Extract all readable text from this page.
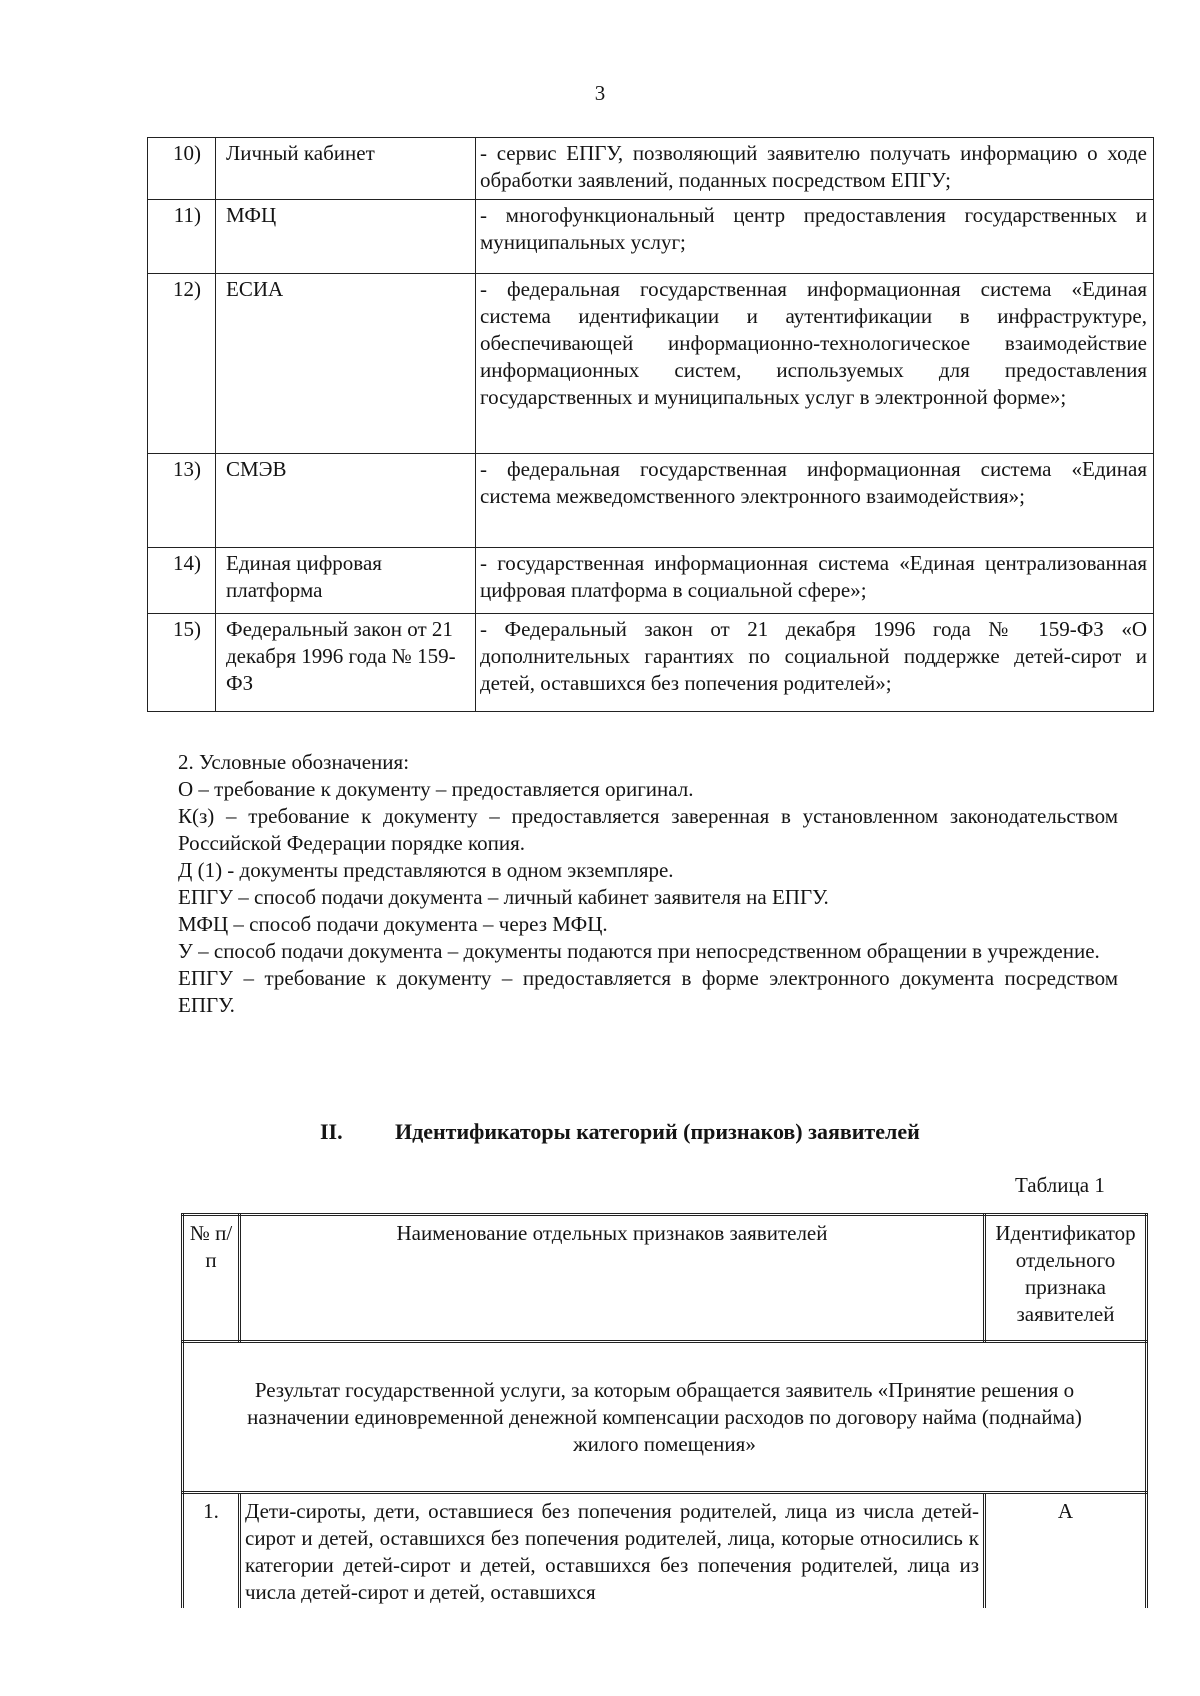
3
10)	Личный кабинет	- сервис ЕПГУ, позволяющий заявителю получать информацию о ходе обработки заявлений, поданных посредством ЕПГУ;
11)	МФЦ	- многофункциональный центр предоставления государственных и муниципальных услуг;
12)	ЕСИА	- федеральная государственная информационная система «Единая система идентификации и аутентификации в инфраструктуре, обеспечивающей информационно-технологическое взаимодействие информационных систем, используемых для предоставления государственных и муниципальных услуг в электронной форме»;
13)	СМЭВ	- федеральная государственная информационная система «Единая система межведомственного электронного взаимодействия»;
14)	Единая цифровая платформа	- государственная информационная система «Единая централизованная цифровая платформа в социальной сфере»;
15)	Федеральный закон от 21 декабря 1996 года № 159-ФЗ	- Федеральный закон от 21 декабря 1996 года № 159-ФЗ «О дополнительных гарантиях по социальной поддержке детей-сирот и детей, оставшихся без попечения родителей»;

2. Условные обозначения:

О – требование к документу – предоставляется оригинал.

К(з) – требование к документу – предоставляется заверенная в установленном законодательством Российской Федерации порядке копия.

Д (1) - документы представляются в одном экземпляре.

ЕПГУ – способ подачи документа – личный кабинет заявителя на ЕПГУ.

МФЦ – способ подачи документа – через МФЦ.

У – способ подачи документа – документы подаются при непосредственном обращении в учреждение.

ЕПГУ – требование к документу – предоставляется в форме электронного документа посредством ЕПГУ.

II. Идентификаторы категорий (признаков) заявителей
Таблица 1
№ п/п	Наименование отдельных признаков заявителей	Идентификатор отдельного признака заявителей
Результат государственной услуги, за которым обращается заявитель «Принятие решения о назначении единовременной денежной компенсации расходов по договору найма (поднайма) жилого помещения»		
1.	Дети-сироты, дети, оставшиеся без попечения родителей, лица из числа детей-сирот и детей, оставшихся без попечения родителей, лица, которые относились к категории детей-сирот и детей, оставшихся без попечения родителей, лица из числа детей-сирот и детей, оставшихся	А
